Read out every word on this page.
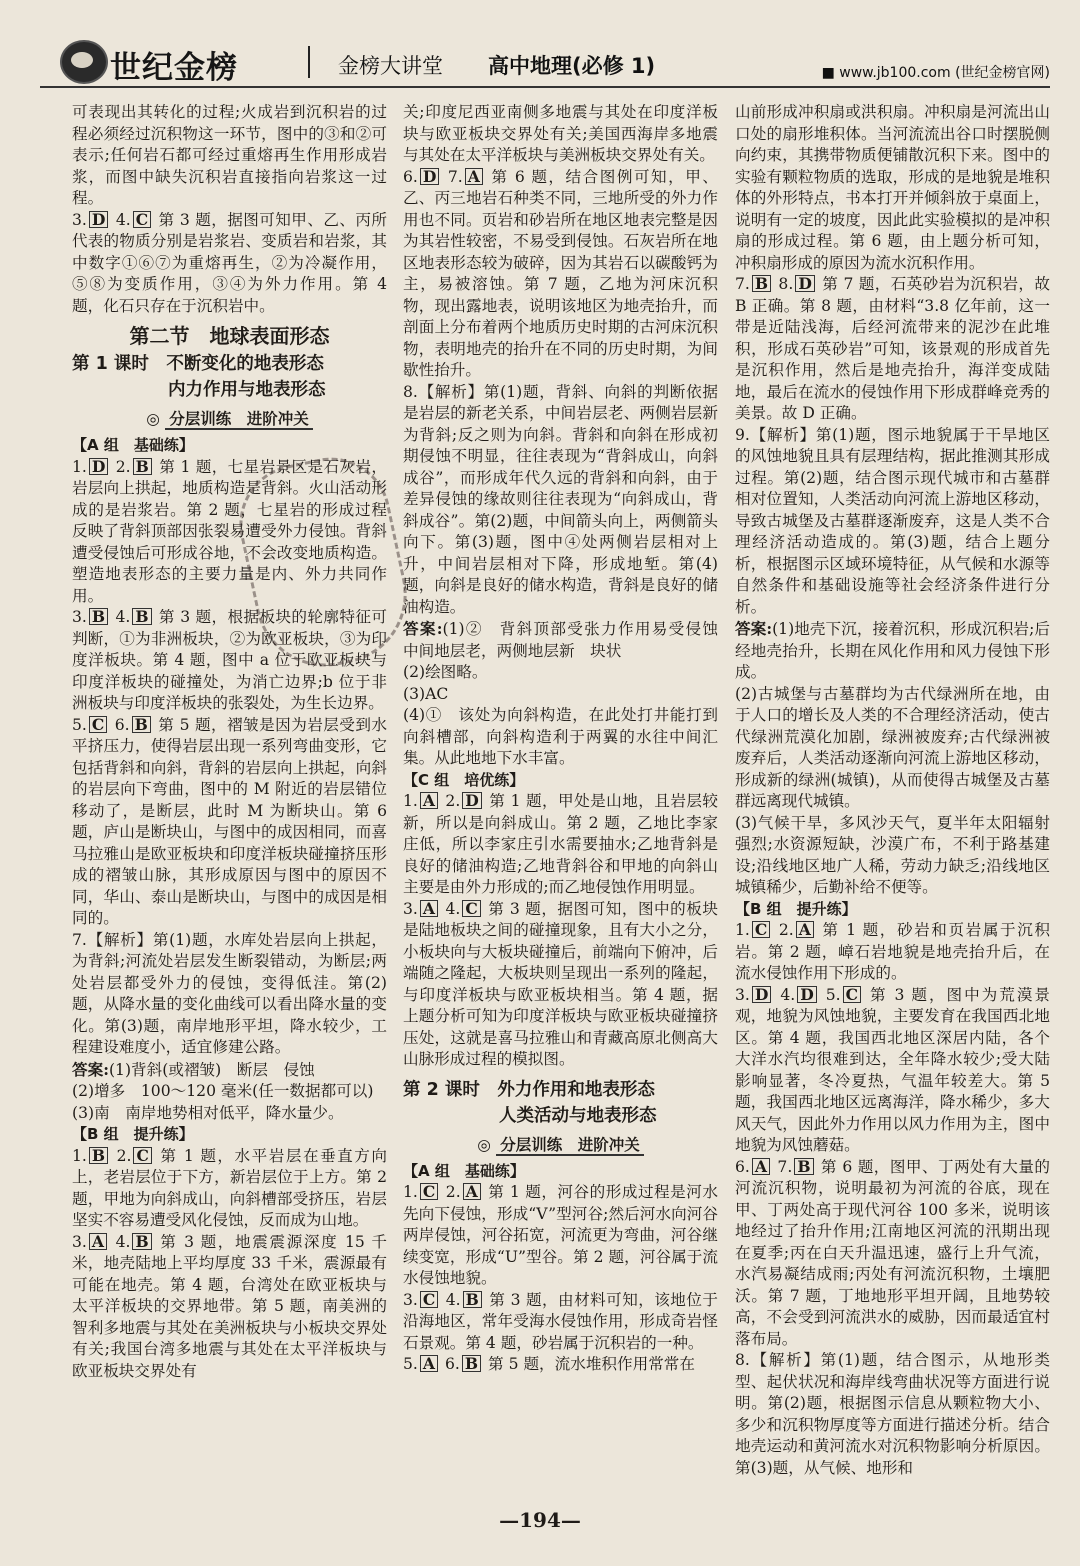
世纪金榜	金榜大讲堂 高中地理(必修 1)	■ www.jb100.com (世纪金榜官网)

可表现出其转化的过程;火成岩到沉积岩的过程必须经过沉积物这一环节，图中的③和②可表示;任何岩石都可经过重熔再生作用形成岩浆，而图中缺失沉积岩直接指向岩浆这一过程。

3. D 4. C 第 3 题，据图可知甲、乙、丙所代表的物质分别是岩浆岩、变质岩和岩浆，其中数字①⑥⑦为重熔再生，②为冷凝作用，⑤⑧为变质作用，③④为外力作用。第 4 题，化石只存在于沉积岩中。

第二节　地球表面形态
第 1 课时　不断变化的地表形态
内力作用与地表形态
◎ 分层训练　进阶冲关
【A 组　基础练】

1. D 2. B 第 1 题，七星岩景区是石灰岩，岩层向上拱起，地质构造是背斜。火山活动形成的是岩浆岩。第 2 题，七星岩的形成过程反映了背斜顶部因张裂易遭受外力侵蚀。背斜遭受侵蚀后可形成谷地，不会改变地质构造。塑造地表形态的主要力量是内、外力共同作用。

3. B 4. B 第 3 题，根据板块的轮廓特征可判断，①为非洲板块，②为欧亚板块，③为印度洋板块。第 4 题，图中 a 位于欧亚板块与印度洋板块的碰撞处，为消亡边界;b 位于非洲板块与印度洋板块的张裂处，为生长边界。

5. C 6. B 第 5 题，褶皱是因为岩层受到水平挤压力，使得岩层出现一系列弯曲变形，它包括背斜和向斜，背斜的岩层向上拱起，向斜的岩层向下弯曲，图中的 M 附近的岩层错位移动了，是断层，此时 M 为断块山。第 6 题，庐山是断块山，与图中的成因相同，而喜马拉雅山是欧亚板块和印度洋板块碰撞挤压形成的褶皱山脉，其形成原因与图中的原因不同，华山、泰山是断块山，与图中的成因是相同的。

7.【解析】第(1)题，水库处岩层向上拱起，为背斜;河流处岩层发生断裂错动，为断层;两处岩层都受外力的侵蚀，变得低洼。第(2)题，从降水量的变化曲线可以看出降水量的变化。第(3)题，南岸地形平坦，降水较少，工程建设难度小，适宜修建公路。

答案:(1)背斜(或褶皱)　断层　侵蚀

(2)增多　100～120 毫米(任一数据都可以)

(3)南　南岸地势相对低平，降水量少。

【B 组　提升练】

1. B 2. C 第 1 题，水平岩层在垂直方向上，老岩层位于下方，新岩层位于上方。第 2 题，甲地为向斜成山，向斜槽部受挤压，岩层坚实不容易遭受风化侵蚀，反而成为山地。

3. A 4. B 第 3 题，地震震源深度 15 千米，地壳陆地上平均厚度 33 千米，震源最有可能在地壳。第 4 题，台湾处在欧亚板块与太平洋板块的交界地带。第 5 题，南美洲的智利多地震与其处在美洲板块与小板块交界处有关;我国台湾多地震与其处在太平洋板块与欧亚板块交界处有

关;印度尼西亚南侧多地震与其处在印度洋板块与欧亚板块交界处有关;美国西海岸多地震与其处在太平洋板块与美洲板块交界处有关。

6. D 7. A 第 6 题，结合图例可知，甲、乙、丙三地岩石种类不同，三地所受的外力作用也不同。页岩和砂岩所在地区地表完整是因为其岩性较密，不易受到侵蚀。石灰岩所在地区地表形态较为破碎，因为其岩石以碳酸钙为主，易被溶蚀。第 7 题，乙地为河床沉积物，现出露地表，说明该地区为地壳抬升，而剖面上分布着两个地质历史时期的古河床沉积物，表明地壳的抬升在不同的历史时期，为间歇性抬升。

8.【解析】第(1)题，背斜、向斜的判断依据是岩层的新老关系，中间岩层老、两侧岩层新为背斜;反之则为向斜。背斜和向斜在形成初期侵蚀不明显，往往表现为“背斜成山，向斜成谷”，而形成年代久远的背斜和向斜，由于差异侵蚀的缘故则往往表现为“向斜成山，背斜成谷”。第(2)题，中间箭头向上，两侧箭头向下。第(3)题，图中④处两侧岩层相对上升，中间岩层相对下降，形成地堑。第(4)题，向斜是良好的储水构造，背斜是良好的储油构造。

答案:(1)②　背斜顶部受张力作用易受侵蚀　中间地层老，两侧地层新　块状

(2)绘图略。

(3)AC

(4)①　该处为向斜构造，在此处打井能打到向斜槽部，向斜构造利于两翼的水往中间汇集。从此地地下水丰富。

【C 组　培优练】

1. A 2. D 第 1 题，甲处是山地，且岩层较新，所以是向斜成山。第 2 题，乙地比李家庄低，所以李家庄引水需要抽水;乙地背斜是良好的储油构造;乙地背斜谷和甲地的向斜山主要是由外力形成的;而乙地侵蚀作用明显。

3. A 4. C 第 3 题，据图可知，图中的板块是陆地板块之间的碰撞现象，且有大小之分，小板块向与大板块碰撞后，前端向下俯冲，后端随之隆起，大板块则呈现出一系列的隆起，与印度洋板块与欧亚板块相当。第 4 题，据上题分析可知为印度洋板块与欧亚板块碰撞挤压处，这就是喜马拉雅山和青藏高原北侧高大山脉形成过程的模拟图。

第 2 课时　外力作用和地表形态
人类活动与地表形态
◎ 分层训练　进阶冲关
【A 组　基础练】

1. C 2. A 第 1 题，河谷的形成过程是河水先向下侵蚀，形成“V”型河谷;然后河水向河谷两岸侵蚀，河谷拓宽，河流更为弯曲，河谷继续变宽，形成“U”型谷。第 2 题，河谷属于流水侵蚀地貌。

3. C 4. B 第 3 题，由材料可知，该地位于沿海地区，常年受海水侵蚀作用，形成奇岩怪石景观。第 4 题，砂岩属于沉积岩的一种。

5. A 6. B 第 5 题，流水堆积作用常常在

山前形成冲积扇或洪积扇。冲积扇是河流出山口处的扇形堆积体。当河流流出谷口时摆脱侧向约束，其携带物质便铺散沉积下来。图中的实验有颗粒物质的选取，形成的是地貌是堆积体的外形特点，书本打开并倾斜放于桌面上，说明有一定的坡度，因此此实验模拟的是冲积扇的形成过程。第 6 题，由上题分析可知，冲积扇形成的原因为流水沉积作用。

7. B 8. D 第 7 题，石英砂岩为沉积岩，故 B 正确。第 8 题，由材料“3.8 亿年前，这一带是近陆浅海，后经河流带来的泥沙在此堆积，形成石英砂岩”可知，该景观的形成首先是沉积作用，然后是地壳抬升，海洋变成陆地，最后在流水的侵蚀作用下形成群峰竞秀的美景。故 D 正确。

9.【解析】第(1)题，图示地貌属于干旱地区的风蚀地貌且具有层理结构，据此推测其形成过程。第(2)题，结合图示现代城市和古墓群相对位置知，人类活动向河流上游地区移动，导致古城堡及古墓群逐渐废弃，这是人类不合理经济活动造成的。第(3)题，结合上题分析，根据图示区域环境特征，从气候和水源等自然条件和基础设施等社会经济条件进行分析。

答案:(1)地壳下沉，接着沉积，形成沉积岩;后经地壳抬升，长期在风化作用和风力侵蚀下形成。

(2)古城堡与古墓群均为古代绿洲所在地，由于人口的增长及人类的不合理经济活动，使古代绿洲荒漠化加剧，绿洲被废弃;古代绿洲被废弃后，人类活动逐渐向河流上游地区移动，形成新的绿洲(城镇)，从而使得古城堡及古墓群远离现代城镇。

(3)气候干旱，多风沙天气，夏半年太阳辐射强烈;水资源短缺，沙漠广布，不利于路基建设;沿线地区地广人稀，劳动力缺乏;沿线地区城镇稀少，后勤补给不便等。

【B 组　提升练】

1. C 2. A 第 1 题，砂岩和页岩属于沉积岩。第 2 题，嶂石岩地貌是地壳抬升后，在流水侵蚀作用下形成的。

3. D 4. D 5. C 第 3 题，图中为荒漠景观，地貌为风蚀地貌，主要发育在我国西北地区。第 4 题，我国西北地区深居内陆，各个大洋水汽均很难到达，全年降水较少;受大陆影响显著，冬冷夏热，气温年较差大。第 5 题，我国西北地区远离海洋，降水稀少，多大风天气，因此外力作用以风力作用为主，图中地貌为风蚀蘑菇。

6. A 7. B 第 6 题，图甲、丁两处有大量的河流沉积物，说明最初为河流的谷底，现在甲、丁两处高于现代河谷 100 多米，说明该地经过了抬升作用;江南地区河流的汛期出现在夏季;丙在白天升温迅速，盛行上升气流，水汽易凝结成雨;丙处有河流沉积物，土壤肥沃。第 7 题，丁地地形平坦开阔，且地势较高，不会受到河流洪水的威胁，因而最适宜村落布局。

8.【解析】第(1)题，结合图示，从地形类型、起伏状况和海岸线弯曲状况等方面进行说明。第(2)题，根据图示信息从颗粒物大小、多少和沉积物厚度等方面进行描述分析。结合地壳运动和黄河流水对沉积物影响分析原因。第(3)题，从气候、地形和

—194—
